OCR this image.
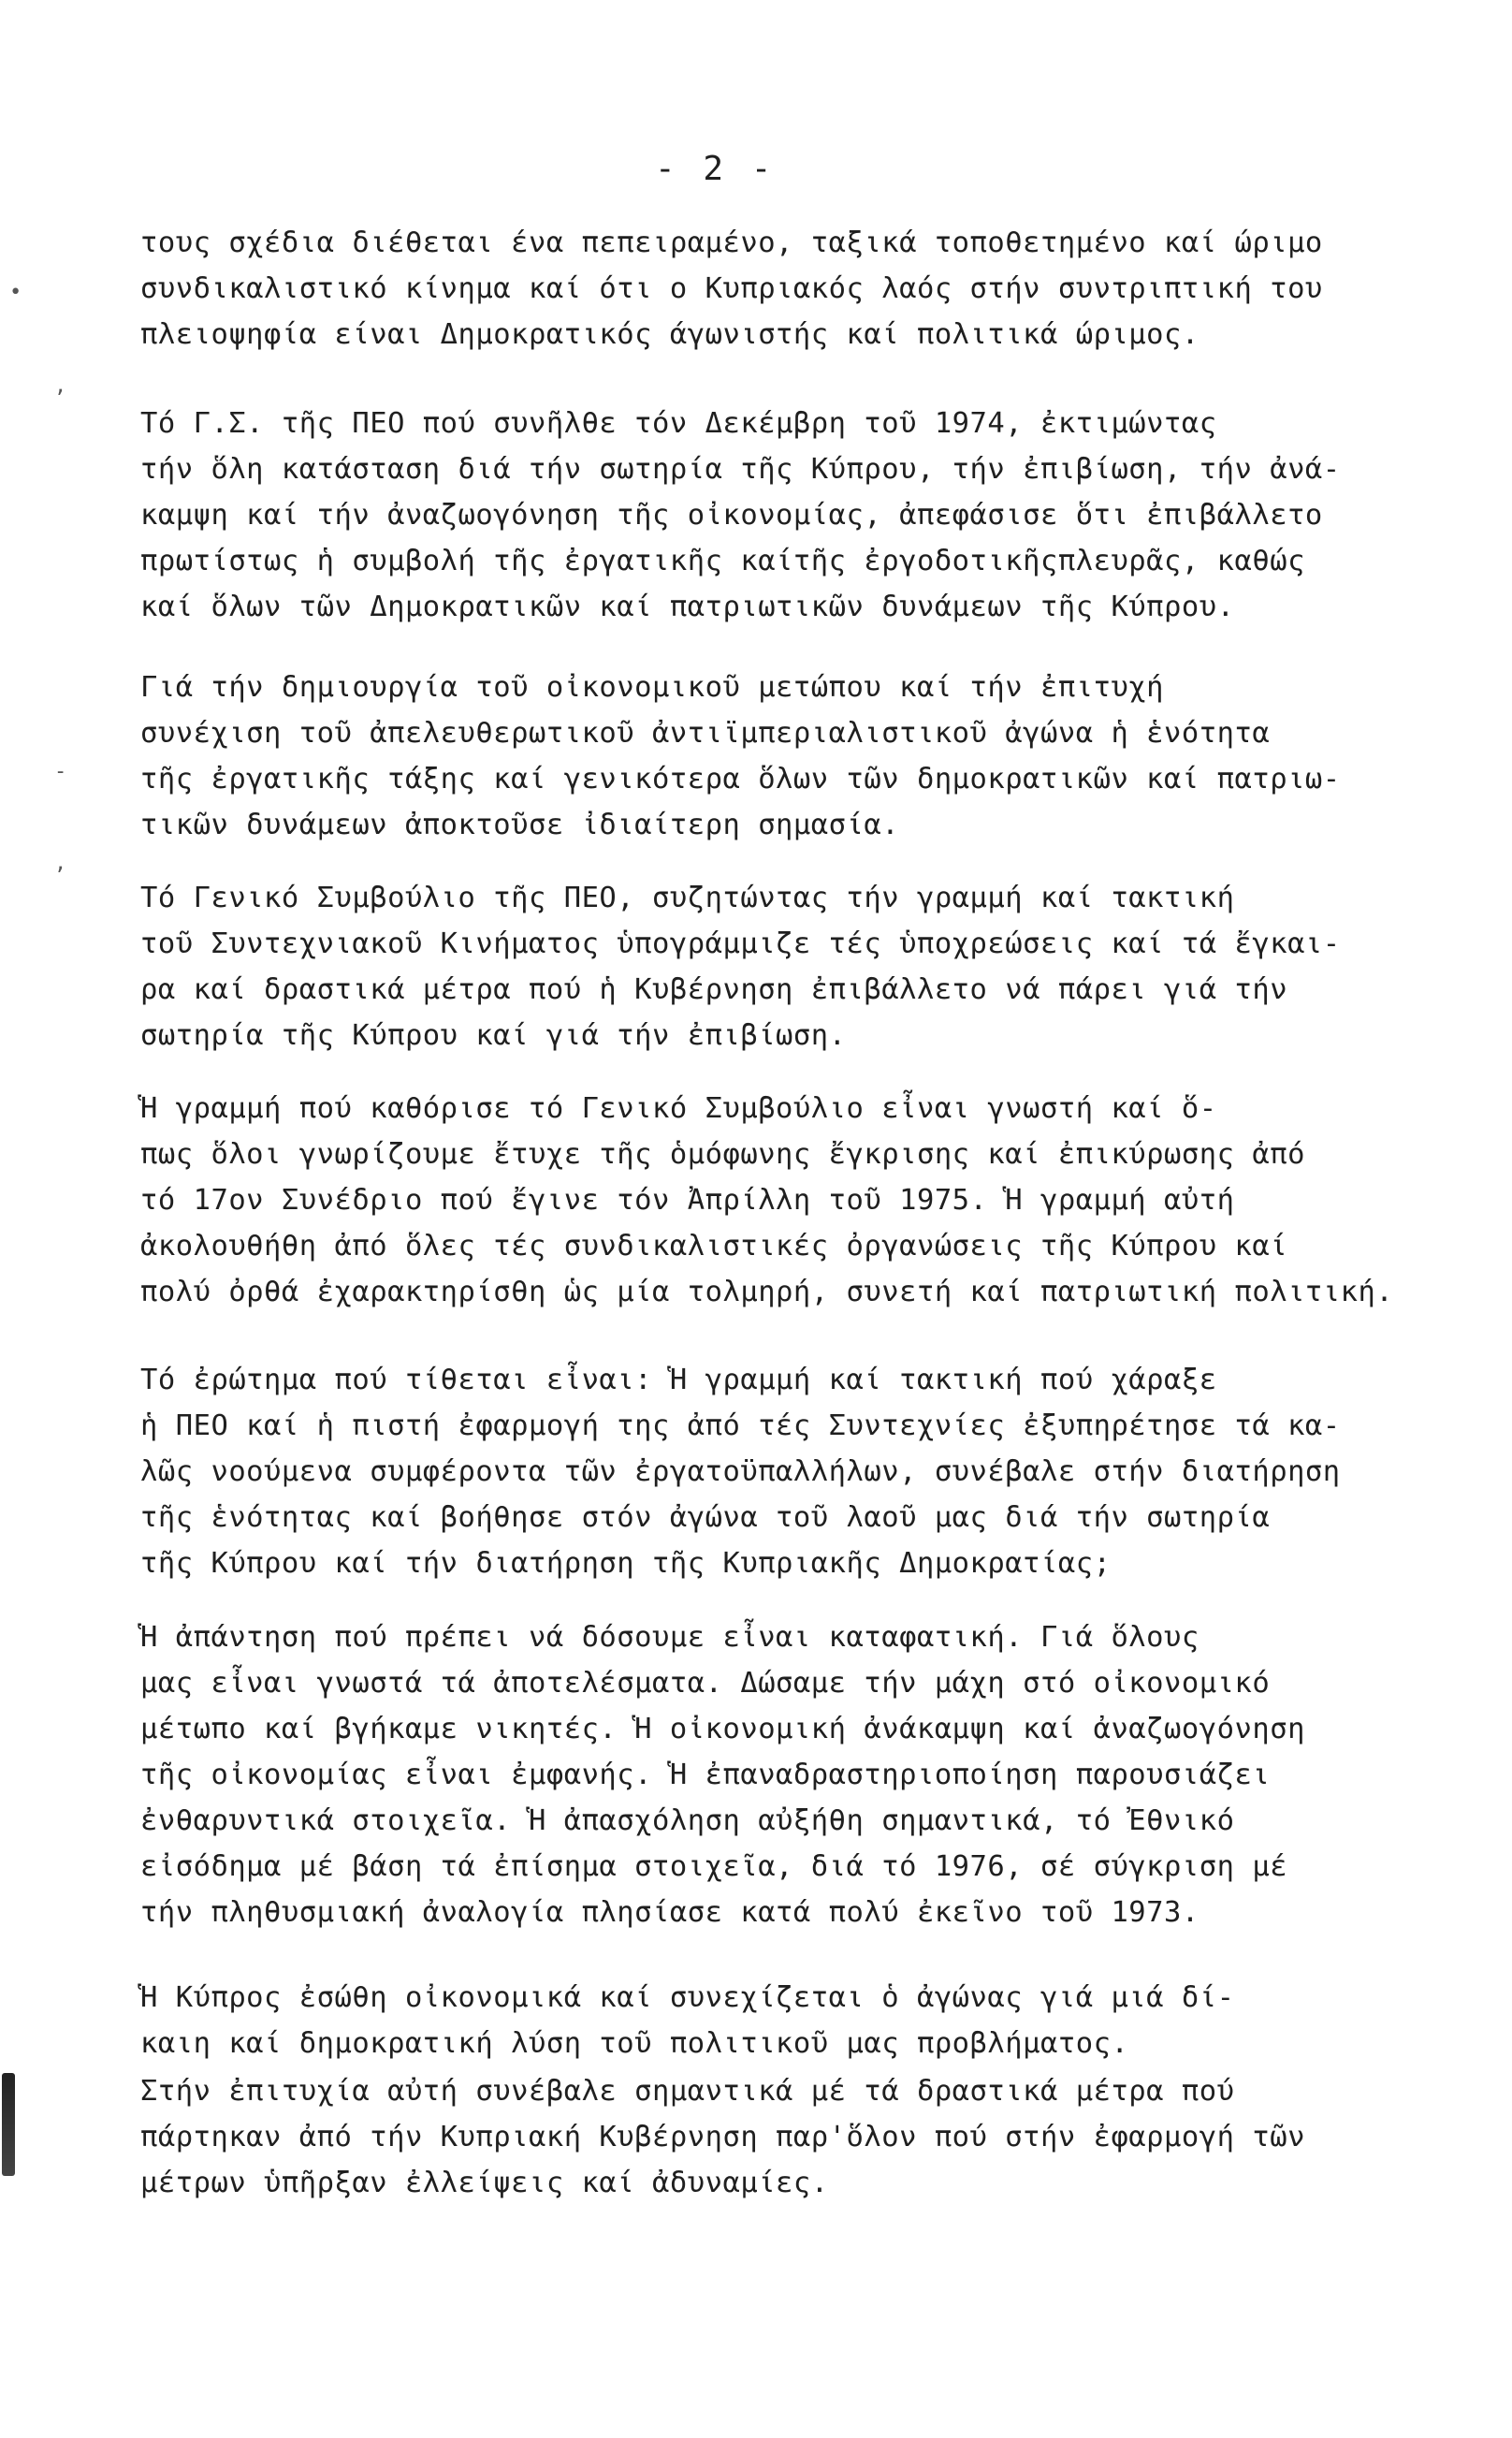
- 2 -
τους σχέδια διέθεται ένα πεπειραμένο, ταξικά τοποθετημένο καί ώριμο
συνδικαλιστικό κίνημα καί ότι ο Κυπριακός λαός στήν συντριπτική του
πλειοψηφία είναι Δημοκρατικός άγωνιστής καί πολιτικά ώριμος.
Τό Γ.Σ. τῆς ΠΕΟ πού συνῆλθε τόν Δεκέμβρη τοῦ 1974, ἐκτιμώντας
τήν ὅλη κατάσταση διά τήν σωτηρία τῆς Κύπρου, τήν ἐπιβίωση, τήν ἀνά-
καμψη καί τήν ἀναζωογόνηση τῆς οἰκονομίας, ἀπεφάσισε ὅτι ἐπιβάλλετο
πρωτίστως ἡ συμβολή τῆς ἐργατικῆς καίτῆς ἐργοδοτικῆςπλευρᾶς, καθώς
καί ὅλων τῶν Δημοκρατικῶν καί πατριωτικῶν δυνάμεων τῆς Κύπρου.
Γιά τήν δημιουργία τοῦ οἰκονομικοῦ μετώπου καί τήν ἐπιτυχή
συνέχιση τοῦ ἀπελευθερωτικοῦ ἀντιϊμπεριαλιστικοῦ ἀγώνα ἡ ἑνότητα
τῆς ἐργατικῆς τάξης καί γενικότερα ὅλων τῶν δημοκρατικῶν καί πατριω-
τικῶν δυνάμεων ἀποκτοῦσε ἰδιαίτερη σημασία.
Τό Γενικό Συμβούλιο τῆς ΠΕΟ, συζητώντας τήν γραμμή καί τακτική
τοῦ Συντεχνιακοῦ Κινήματος ὑπογράμμιζε τές ὑποχρεώσεις καί τά ἔγκαι-
ρα καί δραστικά μέτρα πού ἡ Κυβέρνηση ἐπιβάλλετο νά πάρει γιά τήν
σωτηρία τῆς Κύπρου καί γιά τήν ἐπιβίωση.
Ἡ γραμμή πού καθόρισε τό Γενικό Συμβούλιο εἶναι γνωστή καί ὅ-
πως ὅλοι γνωρίζουμε ἔτυχε τῆς ὁμόφωνης ἔγκρισης καί ἐπικύρωσης ἀπό
τό 17ον Συνέδριο πού ἔγινε τόν Ἀπρίλλη τοῦ 1975. Ἡ γραμμή αὐτή
ἀκολουθήθη ἀπό ὅλες τές συνδικαλιστικές ὀργανώσεις τῆς Κύπρου καί
πολύ ὀρθά ἐχαρακτηρίσθη ὡς μία τολμηρή, συνετή καί πατριωτική πολιτική.
Τό ἐρώτημα πού τίθεται εἶναι: Ἡ γραμμή καί τακτική πού χάραξε
ἡ ΠΕΟ καί ἡ πιστή ἐφαρμογή της ἀπό τές Συντεχνίες ἐξυπηρέτησε τά κα-
λῶς νοούμενα συμφέροντα τῶν ἐργατοϋπαλλήλων, συνέβαλε στήν διατήρηση
τῆς ἑνότητας καί βοήθησε στόν ἀγώνα τοῦ λαοῦ μας διά τήν σωτηρία
τῆς Κύπρου καί τήν διατήρηση τῆς Κυπριακῆς Δημοκρατίας;
Ἡ ἀπάντηση πού πρέπει νά δόσουμε εἶναι καταφατική. Γιά ὅλους
μας εἶναι γνωστά τά ἀποτελέσματα. Δώσαμε τήν μάχη στό οἰκονομικό
μέτωπο καί βγήκαμε νικητές. Ἡ οἰκονομική ἀνάκαμψη καί ἀναζωογόνηση
τῆς οἰκονομίας εἶναι ἐμφανής. Ἡ ἐπαναδραστηριοποίηση παρουσιάζει
ἐνθαρυντικά στοιχεῖα. Ἡ ἀπασχόληση αὐξήθη σημαντικά, τό Ἐθνικό
εἰσόδημα μέ βάση τά ἐπίσημα στοιχεῖα, διά τό 1976, σέ σύγκριση μέ
τήν πληθυσμιακή ἀναλογία πλησίασε κατά πολύ ἐκεῖνο τοῦ 1973.
Ἡ Κύπρος ἐσώθη οἰκονομικά καί συνεχίζεται ὁ ἀγώνας γιά μιά δί-
καιη καί δημοκρατική λύση τοῦ πολιτικοῦ μας προβλήματος.
Στήν ἐπιτυχία αὐτή συνέβαλε σημαντικά μέ τά δραστικά μέτρα πού
πάρτηκαν ἀπό τήν Κυπριακή Κυβέρνηση παρ'ὅλον πού στήν ἐφαρμογή τῶν
μέτρων ὑπῆρξαν ἐλλείψεις καί ἀδυναμίες.
•
‚
-
,
